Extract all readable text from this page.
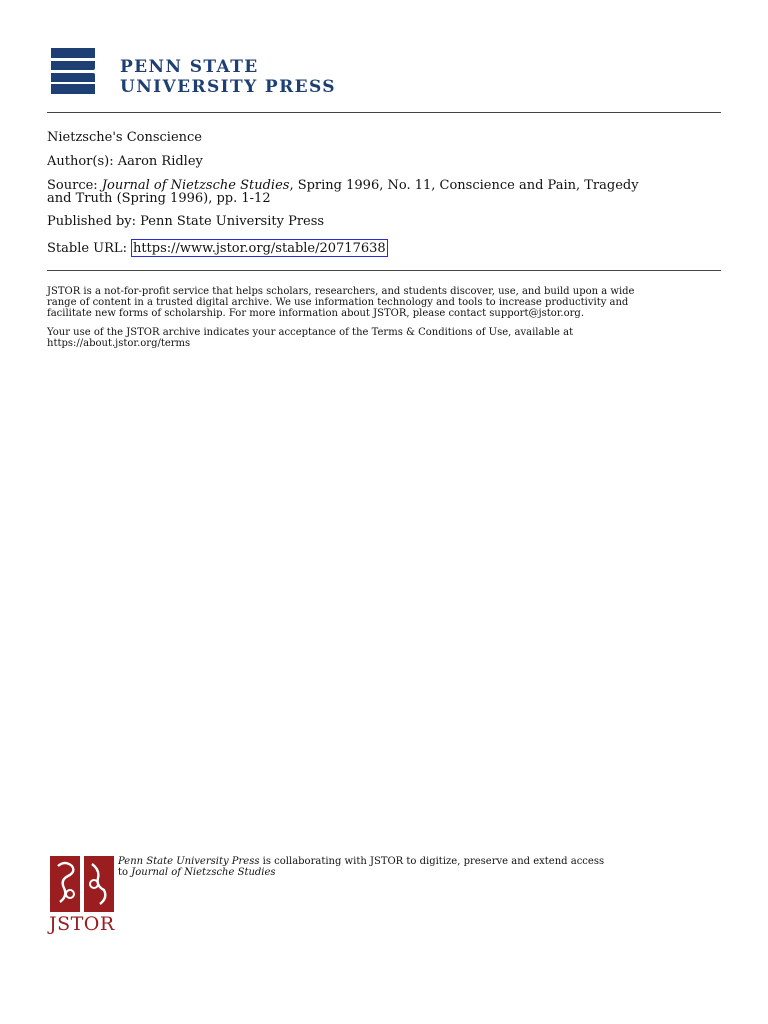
PENN STATE
UNIVERSITY PRESS
Nietzsche's Conscience
Author(s): Aaron Ridley
Source: Journal of Nietzsche Studies, Spring 1996, No. 11, Conscience and Pain, Tragedy
and Truth (Spring 1996), pp. 1-12
Published by: Penn State University Press
Stable URL: https://www.jstor.org/stable/20717638
JSTOR is a not-for-profit service that helps scholars, researchers, and students discover, use, and build upon a wide
range of content in a trusted digital archive. We use information technology and tools to increase productivity and
facilitate new forms of scholarship. For more information about JSTOR, please contact support@jstor.org.
Your use of the JSTOR archive indicates your acceptance of the Terms & Conditions of Use, available at
https://about.jstor.org/terms
JSTOR
Penn State University Press is collaborating with JSTOR to digitize, preserve and extend access
to Journal of Nietzsche Studies
